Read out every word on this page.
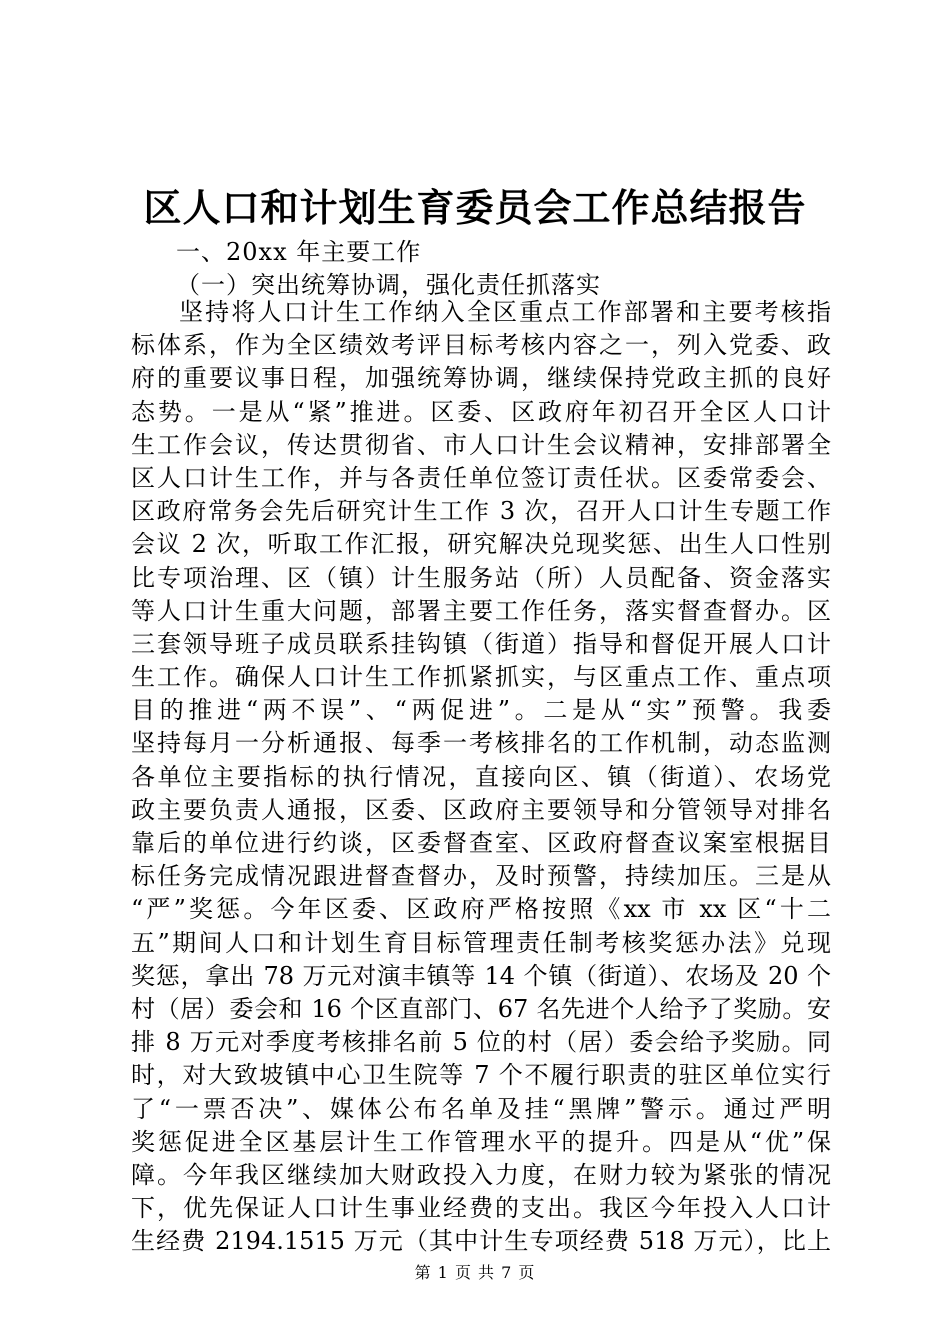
区人口和计划生育委员会工作总结报告
一、20xx 年主要工作
（一）突出统筹协调，强化责任抓落实
坚持将人口计生工作纳入全区重点工作部署和主要考核指
标体系，作为全区绩效考评目标考核内容之一，列入党委、政
府的重要议事日程，加强统筹协调，继续保持党政主抓的良好
态势。一是从“紧”推进。区委、区政府年初召开全区人口计
生工作会议，传达贯彻省、市人口计生会议精神，安排部署全
区人口计生工作，并与各责任单位签订责任状。区委常委会、
区政府常务会先后研究计生工作 3 次，召开人口计生专题工作
会议 2 次，听取工作汇报，研究解决兑现奖惩、出生人口性别
比专项治理、区（镇）计生服务站（所）人员配备、资金落实
等人口计生重大问题，部署主要工作任务，落实督查督办。区
三套领导班子成员联系挂钩镇（街道）指导和督促开展人口计
生工作。确保人口计生工作抓紧抓实，与区重点工作、重点项
目的推进“两不误”、“两促进”。二是从“实”预警。我委
坚持每月一分析通报、每季一考核排名的工作机制，动态监测
各单位主要指标的执行情况，直接向区、镇（街道）、农场党
政主要负责人通报，区委、区政府主要领导和分管领导对排名
靠后的单位进行约谈，区委督查室、区政府督查议案室根据目
标任务完成情况跟进督查督办，及时预警，持续加压。三是从
“严”奖惩。今年区委、区政府严格按照《xx 市 xx 区“十二
五”期间人口和计划生育目标管理责任制考核奖惩办法》兑现
奖惩，拿出 78 万元对演丰镇等 14 个镇（街道）、农场及 20 个
村（居）委会和 16 个区直部门、67 名先进个人给予了奖励。安
排 8 万元对季度考核排名前 5 位的村（居）委会给予奖励。同
时，对大致坡镇中心卫生院等 7 个不履行职责的驻区单位实行
了“一票否决”、媒体公布名单及挂“黑牌”警示。通过严明
奖惩促进全区基层计生工作管理水平的提升。四是从“优”保
障。今年我区继续加大财政投入力度，在财力较为紧张的情况
下，优先保证人口计生事业经费的支出。我区今年投入人口计
生经费 2194.1515 万元（其中计生专项经费 518 万元），比上
第 1 页 共 7 页
